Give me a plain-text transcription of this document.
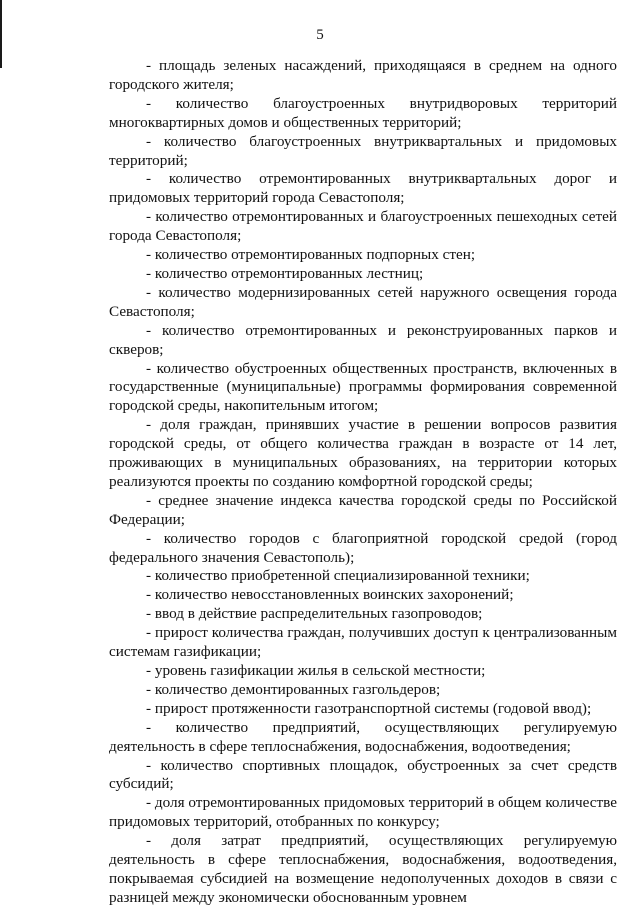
5

- площадь зеленых насаждений, приходящаяся в среднем на одного городского жителя;

- количество благоустроенных внутридворовых территорий многоквартирных домов и общественных территорий;

- количество благоустроенных внутриквартальных и придомовых территорий;

- количество отремонтированных внутриквартальных дорог и придомовых территорий города Севастополя;

- количество отремонтированных и благоустроенных пешеходных сетей города Севастополя;

- количество отремонтированных подпорных стен;

- количество отремонтированных лестниц;

- количество модернизированных сетей наружного освещения города Севастополя;

- количество отремонтированных и реконструированных парков и скверов;

- количество обустроенных общественных пространств, включенных в государственные (муниципальные) программы формирования современной городской среды, накопительным итогом;

- доля граждан, принявших участие в решении вопросов развития городской среды, от общего количества граждан в возрасте от 14 лет, проживающих в муниципальных образованиях, на территории которых реализуются проекты по созданию комфортной городской среды;

- среднее значение индекса качества городской среды по Российской Федерации;

- количество городов с благоприятной городской средой (город федерального значения Севастополь);

- количество приобретенной специализированной техники;

- количество невосстановленных воинских захоронений;

- ввод в действие распределительных газопроводов;

- прирост количества граждан, получивших доступ к централизованным системам газификации;

- уровень газификации жилья в сельской местности;

- количество демонтированных газгольдеров;

- прирост протяженности газотранспортной системы (годовой ввод);

- количество предприятий, осуществляющих регулируемую деятельность в сфере теплоснабжения, водоснабжения, водоотведения;

- количество спортивных площадок, обустроенных за счет средств субсидий;

- доля отремонтированных придомовых территорий в общем количестве придомовых территорий, отобранных по конкурсу;

- доля затрат предприятий, осуществляющих регулируемую деятельность в сфере теплоснабжения, водоснабжения, водоотведения, покрываемая субсидией на возмещение недополученных доходов в связи с разницей между экономически обоснованным уровнем
